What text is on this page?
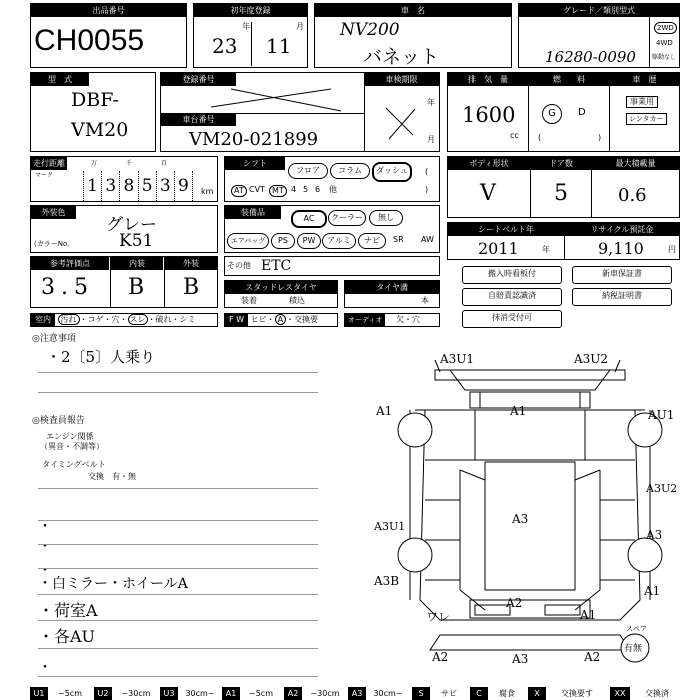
出品番号
CH0055
初年度登録
年	月
23 11
車　名
NV200
バネット
グレード／類別型式
2WD
4WD
駆動なし
16280-0090
型　式
DBF-
VM20
登録番号	車検期限
車台番号
VM20-021899
年
月
排　気　量	燃　　料	車　歴
1600
cc
G	D
(	)
事業用
レンタカー
走行距離
マーク
万	千	百
1 3 8 5 3 9	km
シフト
フロア	コラム	ダッシュ	(
AT CVT MT 4 5 6 他	)
ボディ形状	ドア数	最大積載量
V	5	0.6
外装色
グレー
(カラーNo.	K51
装備品
AC	クーラー	無し
エアバッグ	PS	PW	アルミ	ナビ	SR AW
シートベルト年	リサイクル預託金
2011	年	9,110	円
その他 ETC
参考評価点	内装	外装
3.5 B B	スタッドレスタイヤ
装着	積込
タイヤ溝
本
搬入時看板付	新車保証書
自賠責認識済	納税証明書
抹消受付可
室内 汚れ ・コゲ・穴・ スレ ・破れ・シミ	F W ヒビ・ A ・交換要	オーディオ 欠・穴
◎注意事項
・2〔5〕人乗り
◎検査員報告
エンジン関係
（異音・不調等）
タイミングベルト
交換　有・無
・
・
・
・白ミラー・ホイールA
・荷室A
・各AU
・
A3U1	A3U2
A1	A1	AU1
A3U2
A3
A3U1
A3
A3B
A1
A2
A1
ワレ
A2	A3	A2
スペア
有無
U1	~5cm	U2	~30cm	U3	30cm~	A1	~5cm	A2	~30cm	A3	30cm~	S	サビ	C	腐食	X	交換要す	XX	交換済
